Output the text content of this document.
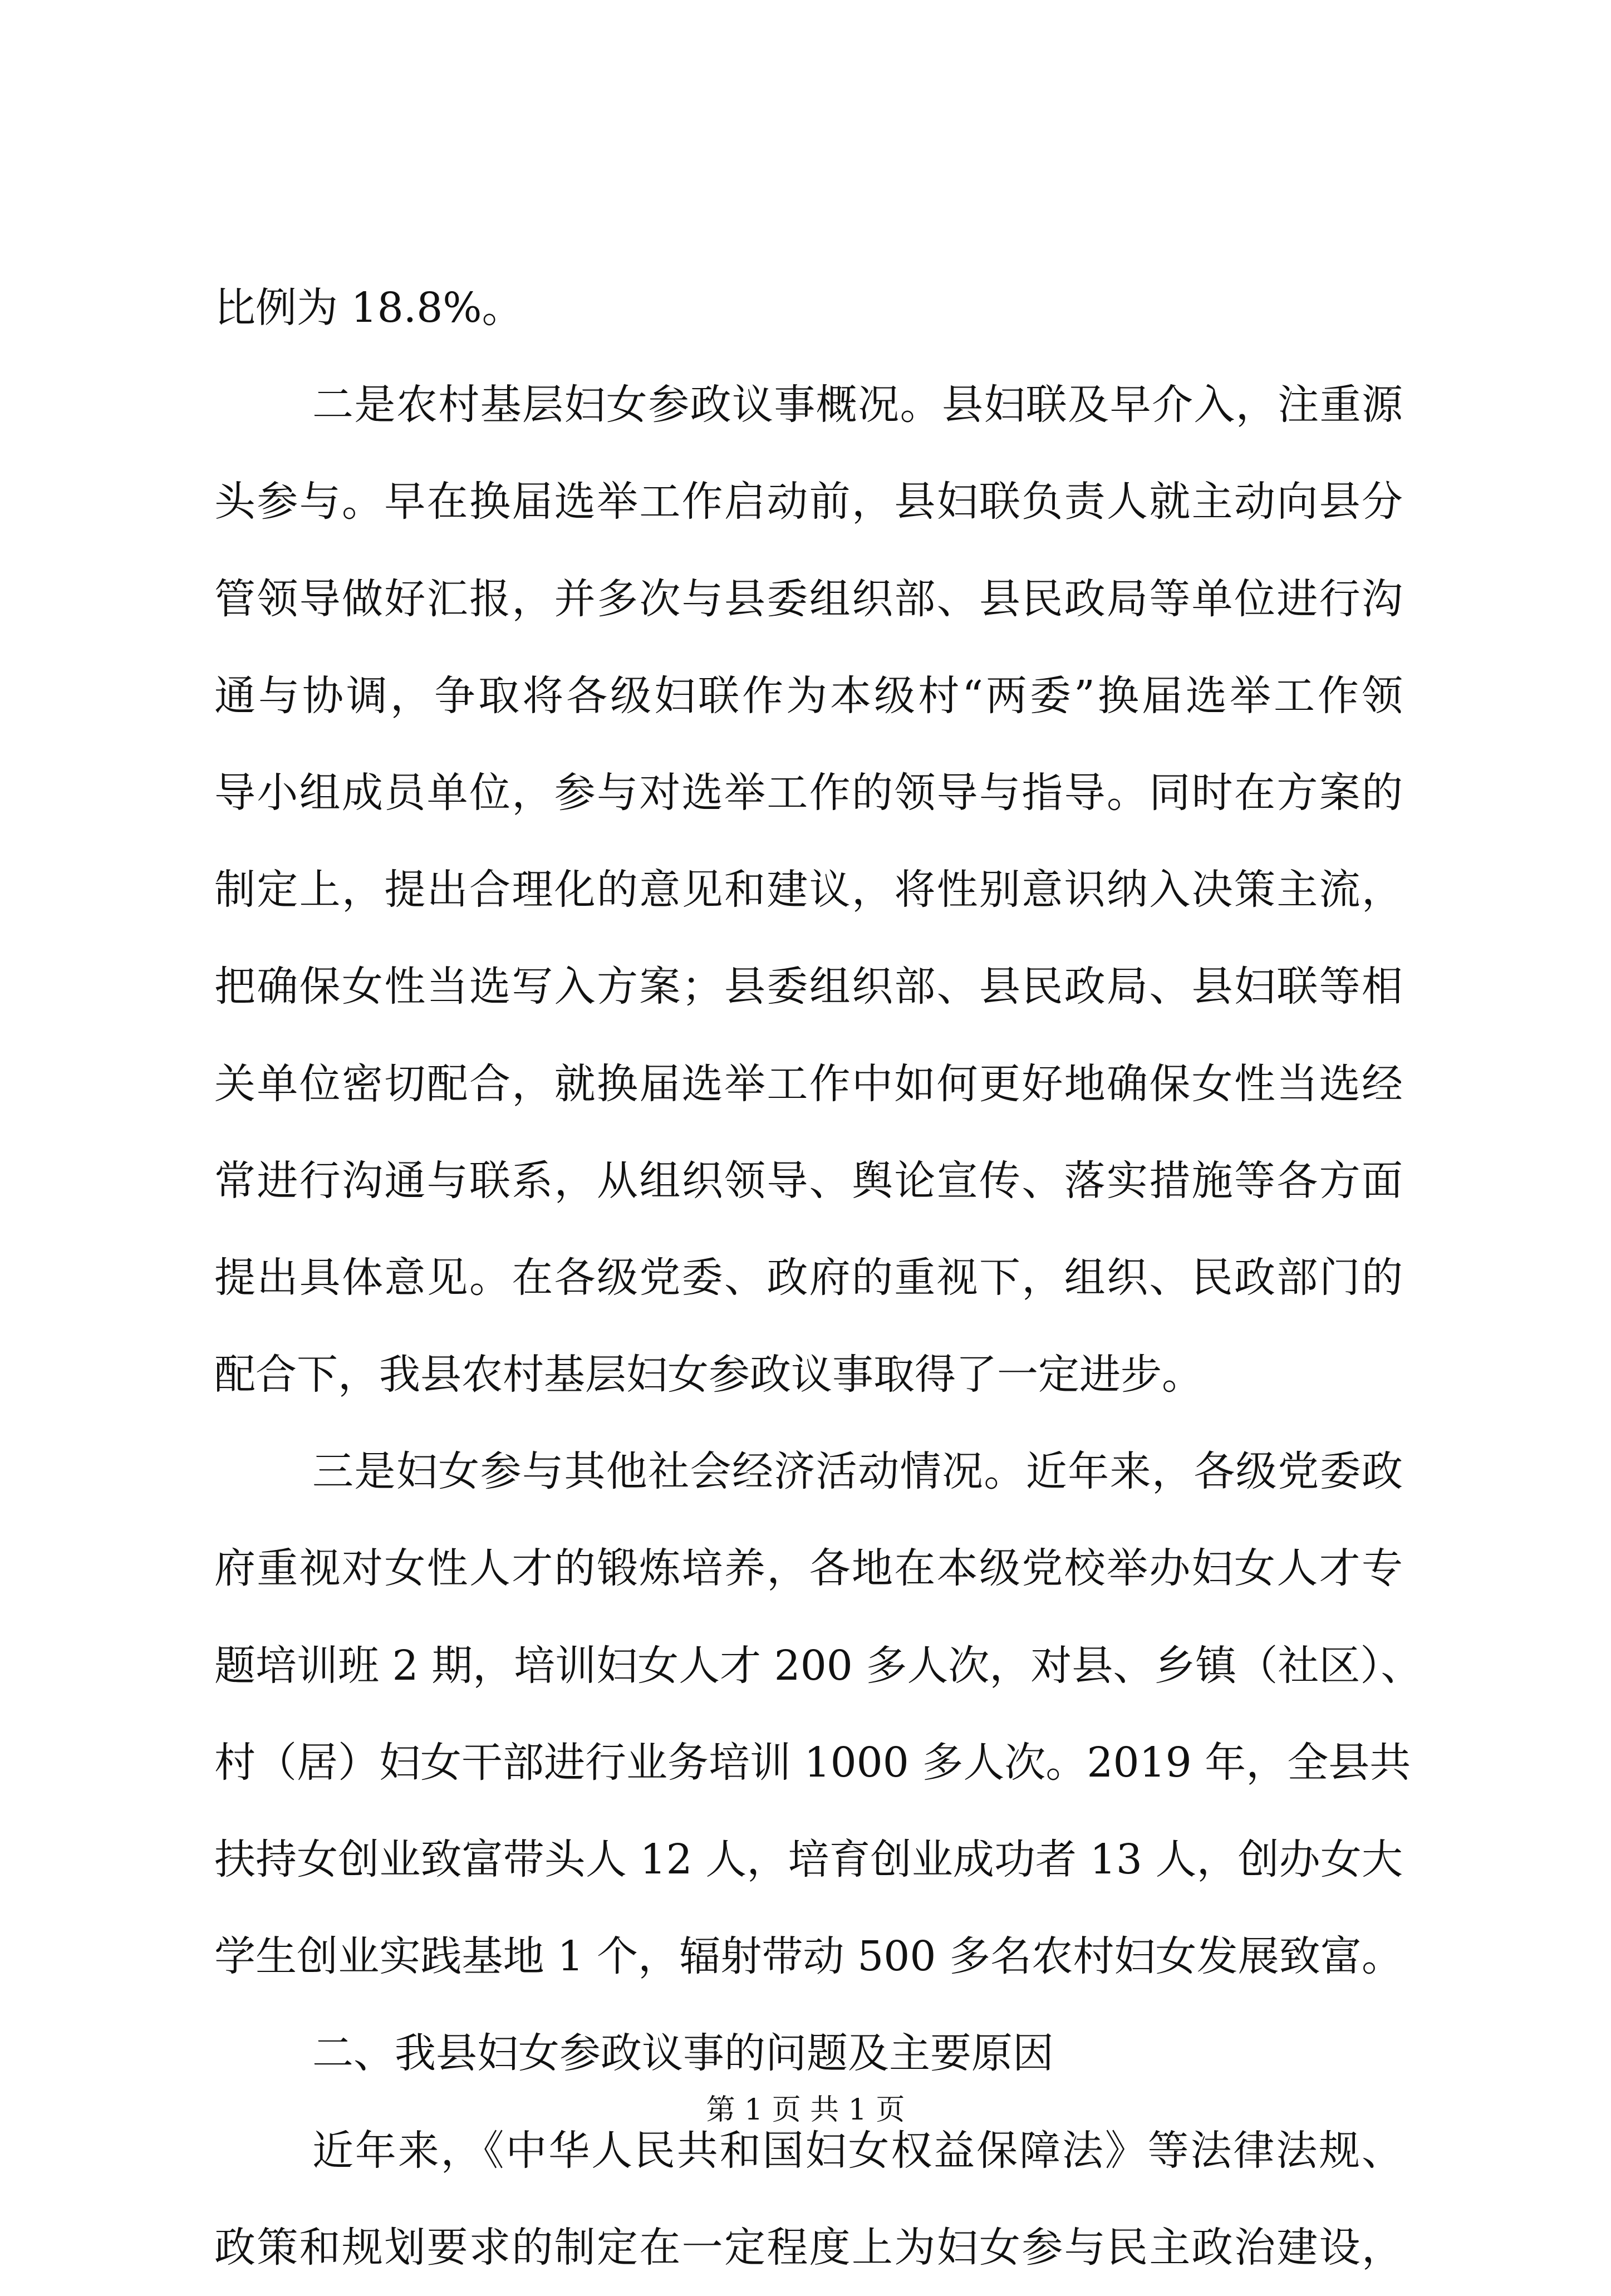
比例为 18.8%。
二是农村基层妇女参政议事概况。县妇联及早介入，注重源
头参与。早在换届选举工作启动前，县妇联负责人就主动向县分
管领导做好汇报，并多次与县委组织部、县民政局等单位进行沟
通与协调，争取将各级妇联作为本级村“两委”换届选举工作领
导小组成员单位，参与对选举工作的领导与指导。同时在方案的
制定上，提出合理化的意见和建议，将性别意识纳入决策主流，
把确保女性当选写入方案；县委组织部、县民政局、县妇联等相
关单位密切配合，就换届选举工作中如何更好地确保女性当选经
常进行沟通与联系，从组织领导、舆论宣传、落实措施等各方面
提出具体意见。在各级党委、政府的重视下，组织、民政部门的
配合下，我县农村基层妇女参政议事取得了一定进步。
三是妇女参与其他社会经济活动情况。近年来，各级党委政
府重视对女性人才的锻炼培养，各地在本级党校举办妇女人才专
题培训班 2 期，培训妇女人才 200 多人次，对县、乡镇（社区）、
村（居）妇女干部进行业务培训 1000 多人次。2019 年，全县共
扶持女创业致富带头人 12 人，培育创业成功者 13 人，创办女大
学生创业实践基地 1 个，辐射带动 500 多名农村妇女发展致富。
二、我县妇女参政议事的问题及主要原因
近年来，《中华人民共和国妇女权益保障法》等法律法规、
政策和规划要求的制定在一定程度上为妇女参与民主政治建设，
第 1 页 共 1 页
